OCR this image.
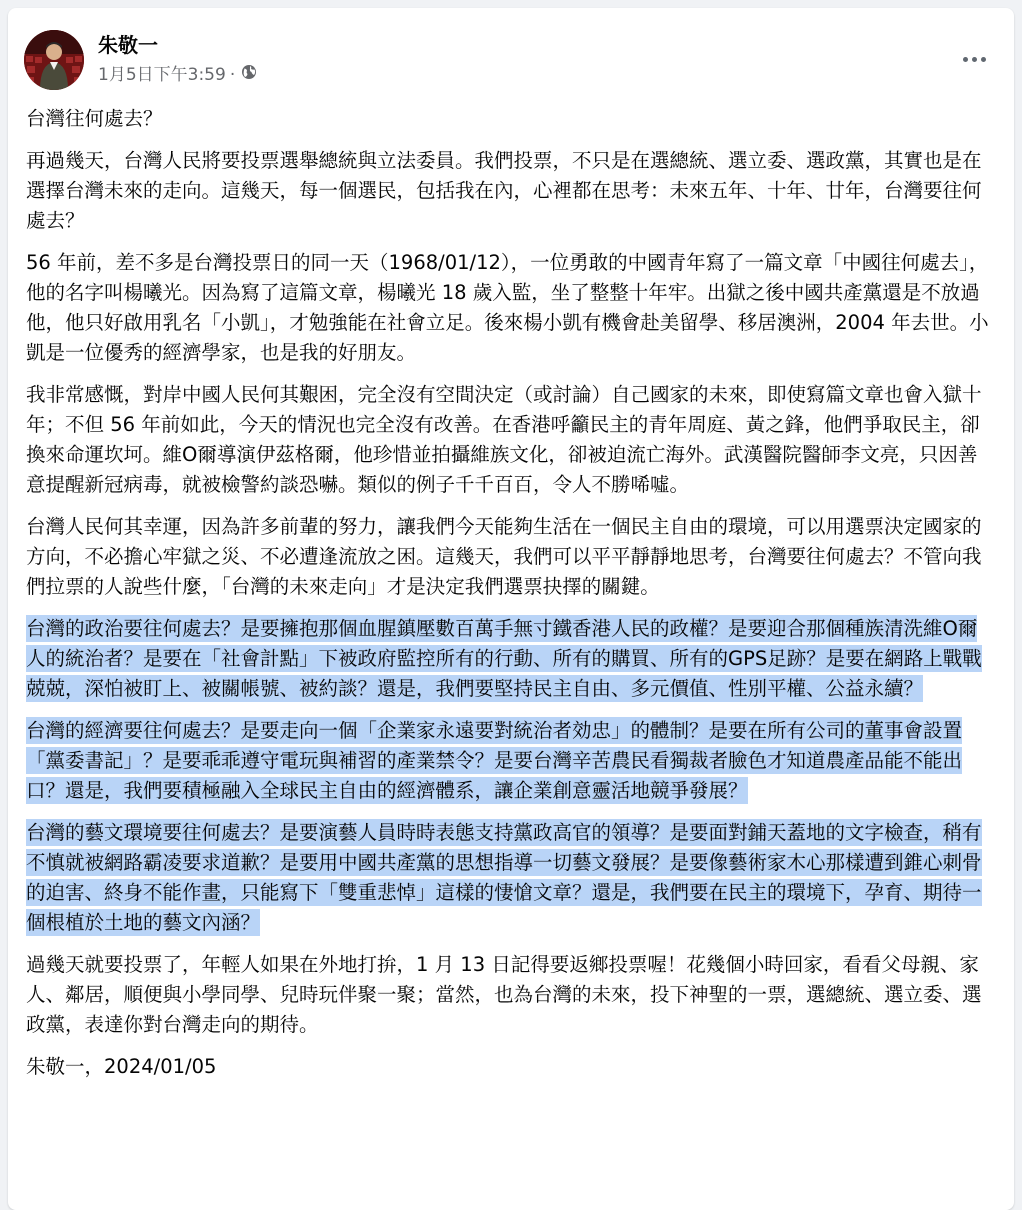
朱敬一
1月5日下午3:59 ·

台灣往何處去？

再過幾天，台灣人民將要投票選舉總統與立法委員。我們投票，不只是在選總統、選立委、選政黨，其實也是在選擇台灣未來的走向。這幾天，每一個選民，包括我在內，心裡都在思考：未來五年、十年、廿年，台灣要往何處去？

56 年前，差不多是台灣投票日的同一天（1968/01/12），一位勇敢的中國青年寫了一篇文章「中國往何處去」，他的名字叫楊曦光。因為寫了這篇文章，楊曦光 18 歲入監，坐了整整十年牢。出獄之後中國共產黨還是不放過他，他只好啟用乳名「小凱」，才勉強能在社會立足。後來楊小凱有機會赴美留學、移居澳洲，2004 年去世。小凱是一位優秀的經濟學家，也是我的好朋友。

我非常感慨，對岸中國人民何其艱困，完全沒有空間決定（或討論）自己國家的未來，即使寫篇文章也會入獄十年；不但 56 年前如此，今天的情況也完全沒有改善。在香港呼籲民主的青年周庭、黃之鋒，他們爭取民主，卻換來命運坎坷。維O爾導演伊茲格爾，他珍惜並拍攝維族文化，卻被迫流亡海外。武漢醫院醫師李文亮，只因善意提醒新冠病毒，就被檢警約談恐嚇。類似的例子千千百百，令人不勝唏噓。

台灣人民何其幸運，因為許多前輩的努力，讓我們今天能夠生活在一個民主自由的環境，可以用選票決定國家的方向，不必擔心牢獄之災、不必遭逢流放之困。這幾天，我們可以平平靜靜地思考，台灣要往何處去？不管向我們拉票的人說些什麼，「台灣的未來走向」才是決定我們選票抉擇的關鍵。

台灣的政治要往何處去？是要擁抱那個血腥鎮壓數百萬手無寸鐵香港人民的政權？是要迎合那個種族清洗維O爾人的統治者？是要在「社會計點」下被政府監控所有的行動、所有的購買、所有的GPS足跡？是要在網路上戰戰兢兢，深怕被盯上、被關帳號、被約談？還是，我們要堅持民主自由、多元價值、性別平權、公益永續？

台灣的經濟要往何處去？是要走向一個「企業家永遠要對統治者効忠」的體制？是要在所有公司的董事會設置「黨委書記」？是要乖乖遵守電玩與補習的產業禁令？是要台灣辛苦農民看獨裁者臉色才知道農產品能不能出口？還是，我們要積極融入全球民主自由的經濟體系，讓企業創意靈活地競爭發展？

台灣的藝文環境要往何處去？是要演藝人員時時表態支持黨政高官的領導？是要面對鋪天蓋地的文字檢查，稍有不慎就被網路霸凌要求道歉？是要用中國共產黨的思想指導一切藝文發展？是要像藝術家木心那樣遭到錐心刺骨的迫害、終身不能作畫，只能寫下「雙重悲悼」這樣的悽愴文章？還是，我們要在民主的環境下，孕育、期待一個根植於土地的藝文內涵？

過幾天就要投票了，年輕人如果在外地打拚，1 月 13 日記得要返鄉投票喔！花幾個小時回家，看看父母親、家人、鄰居，順便與小學同學、兒時玩伴聚一聚；當然，也為台灣的未來，投下神聖的一票，選總統、選立委、選政黨，表達你對台灣走向的期待。

朱敬一，2024/01/05
